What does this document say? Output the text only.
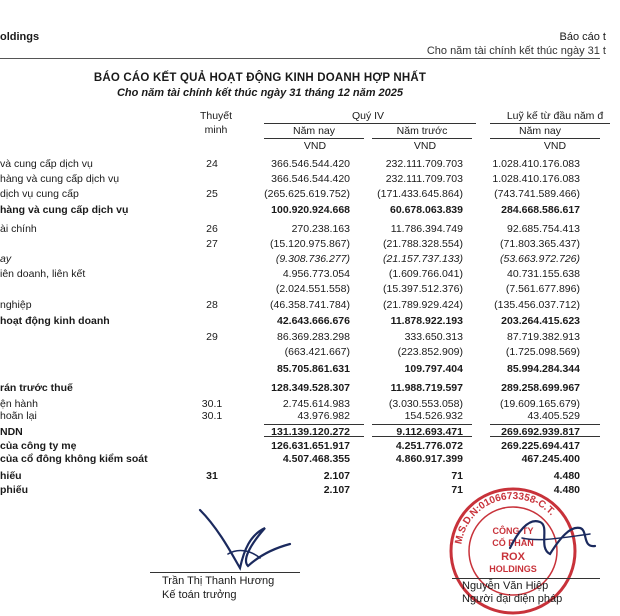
oldings	Báo cáo t
Cho năm tài chính kết thúc ngày 31 t
BÁO CÁO KẾT QUẢ HOẠT ĐỘNG KINH DOANH HỢP NHẤT
Cho năm tài chính kết thúc ngày 31 tháng 12 năm 2025
Thuyết
minh
Quý IV	Luỹ kế từ đầu năm đ
Năm nay	Năm trước	Năm nay
VND	VND	VND
và cung cấp dịch vụ	24	366.546.544.420	232.111.709.703	1.028.410.176.083
hàng và cung cấp dịch vụ	366.546.544.420	232.111.709.703	1.028.410.176.083
dịch vụ cung cấp	25	(265.625.619.752)	(171.433.645.864)	(743.741.589.466)
hàng và cung cấp dịch vụ	100.920.924.668	60.678.063.839	284.668.586.617
ài chính	26	270.238.163	11.786.394.749	92.685.754.413
27	(15.120.975.867)	(21.788.328.554)	(71.803.365.437)
ay	(9.308.736.277)	(21.157.737.133)	(53.663.972.726)
iên doanh, liên kết	4.956.773.054	(1.609.766.041)	40.731.155.638
(2.024.551.558)	(15.397.512.376)	(7.561.677.896)
nghiệp	28	(46.358.741.784)	(21.789.929.424)	(135.456.037.712)
hoạt động kinh doanh	42.643.666.676	11.878.922.193	203.264.415.623
29	86.369.283.298	333.650.313	87.719.382.913
(663.421.667)	(223.852.909)	(1.725.098.569)
85.705.861.631	109.797.404	85.994.284.344
rán trước thuế	128.349.528.307	11.988.719.597	289.258.699.967
ện hành	30.1	2.745.614.983	(3.030.553.058)	(19.609.165.679)
hoãn lại	30.1	43.976.982	154.526.932	43.405.529
NDN	131.139.120.272	9.112.693.471	269.692.939.817
của công ty mẹ	126.631.651.917	4.251.776.072	269.225.694.417
của cổ đông không kiểm soát	4.507.468.355	4.860.917.399	467.245.400
hiếu	31	2.107	71	4.480
phiếu	2.107	71	4.480
Trần Thị Thanh Hương
Kế toán trưởng
M.S.D.N:0106673358-C.T.
CÔNG TY
CỔ PHẦN
ROX
HOLDINGS
Nguyễn Văn Hiệp
Người đại diện pháp
